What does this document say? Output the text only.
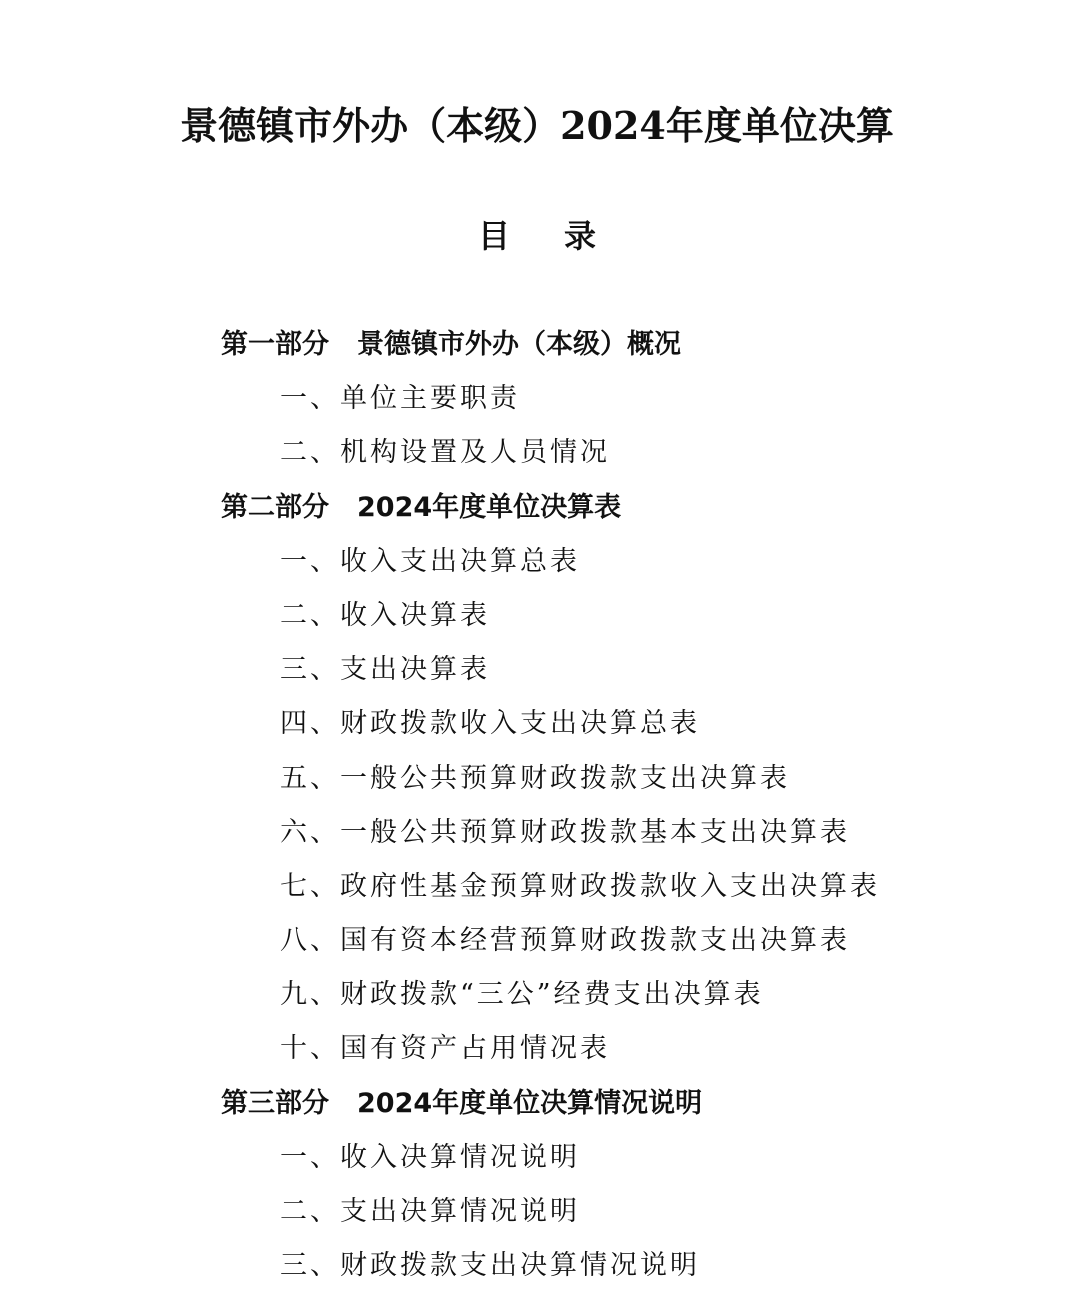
景德镇市外办（本级）2024年度单位决算
目 录
第一部分 景德镇市外办（本级）概况
一、单位主要职责
二、机构设置及人员情况
第二部分 2024年度单位决算表
一、收入支出决算总表
二、收入决算表
三、支出决算表
四、财政拨款收入支出决算总表
五、一般公共预算财政拨款支出决算表
六、一般公共预算财政拨款基本支出决算表
七、政府性基金预算财政拨款收入支出决算表
八、国有资本经营预算财政拨款支出决算表
九、财政拨款“三公”经费支出决算表
十、国有资产占用情况表
第三部分 2024年度单位决算情况说明
一、收入决算情况说明
二、支出决算情况说明
三、财政拨款支出决算情况说明
